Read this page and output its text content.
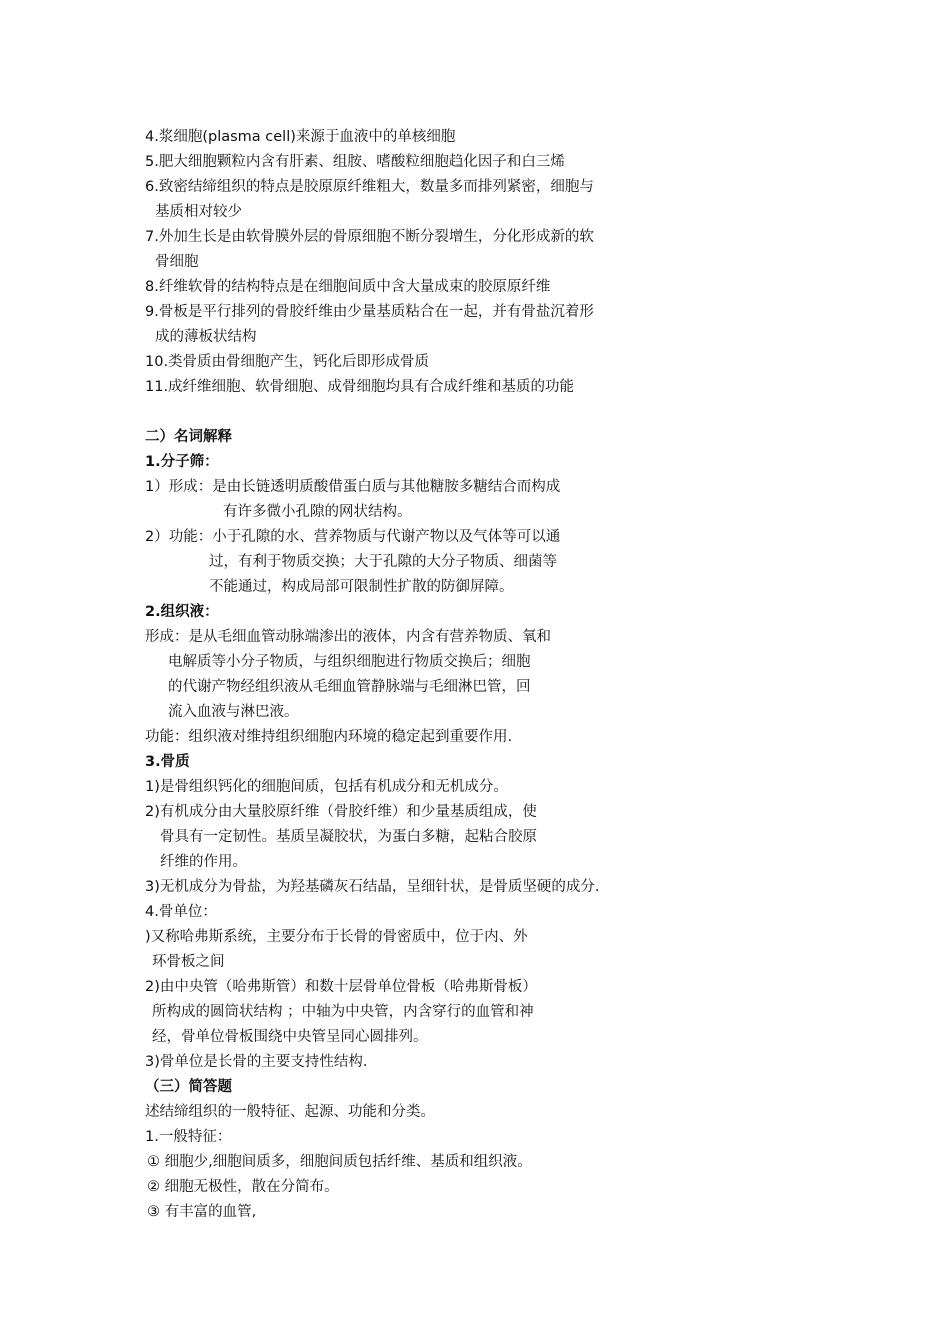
4.浆细胞(plasma cell)来源于血液中的单核细胞

5.肥大细胞颗粒内含有肝素、组胺、嗜酸粒细胞趋化因子和白三烯

6.致密结缔组织的特点是胶原原纤维粗大，数量多而排列紧密，细胞与

基质相对较少

7.外加生长是由软骨膜外层的骨原细胞不断分裂增生，分化形成新的软

骨细胞

8.纤维软骨的结构特点是在细胞间质中含大量成束的胶原原纤维

9.骨板是平行排列的骨胶纤维由少量基质粘合在一起，并有骨盐沉着形

成的薄板状结构

10.类骨质由骨细胞产生，钙化后即形成骨质

11.成纤维细胞、软骨细胞、成骨细胞均具有合成纤维和基质的功能

二）名词解释

1.分子筛：

1）形成：是由长链透明质酸借蛋白质与其他糖胺多糖结合而构成

有许多微小孔隙的网状结构。

2）功能：小于孔隙的水、营养物质与代谢产物以及气体等可以通

过，有利于物质交换；大于孔隙的大分子物质、细菌等

不能通过，构成局部可限制性扩散的防御屏障。

2.组织液：

形成：是从毛细血管动脉端渗出的液体，内含有营养物质、氧和

电解质等小分子物质，与组织细胞进行物质交换后；细胞

的代谢产物经组织液从毛细血管静脉端与毛细淋巴管，回

流入血液与淋巴液。

功能：组织液对维持组织细胞内环境的稳定起到重要作用.

3.骨质

1)是骨组织钙化的细胞间质，包括有机成分和无机成分。

2)有机成分由大量胶原纤维（骨胶纤维）和少量基质组成，使

骨具有一定韧性。基质呈凝胶状，为蛋白多糖，起粘合胶原

纤维的作用。

3)无机成分为骨盐，为羟基磷灰石结晶，呈细针状，是骨质坚硬的成分.

4.骨单位：

)又称哈弗斯系统，主要分布于长骨的骨密质中，位于内、外

环骨板之间

2)由中央管（哈弗斯管）和数十层骨单位骨板（哈弗斯骨板）

所构成的圆筒状结构 ；中轴为中央管，内含穿行的血管和神

经，骨单位骨板围绕中央管呈同心圆排列。

3)骨单位是长骨的主要支持性结构.

（三）简答题

述结缔组织的一般特征、起源、功能和分类。

1.一般特征：

① 细胞少,细胞间质多，细胞间质包括纤维、基质和组织液。

② 细胞无极性，散在分简布。

③ 有丰富的血管,
